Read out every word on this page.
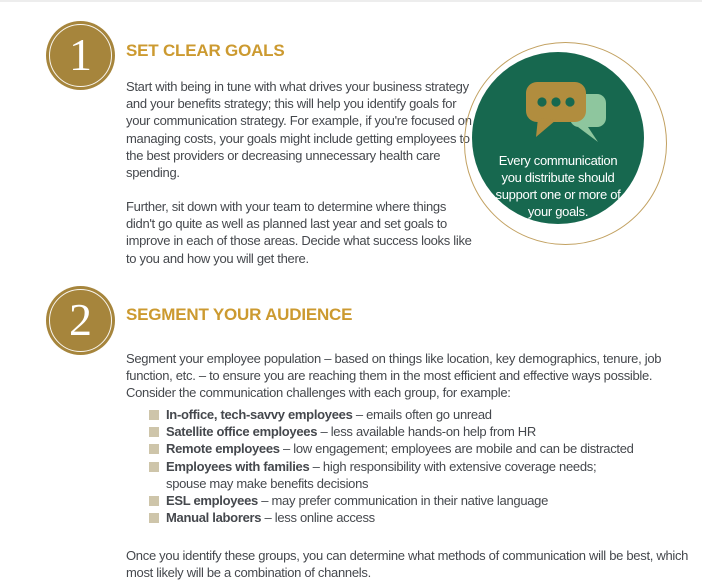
1	SET CLEAR GOALS
Start with being in tune with what drives your business strategy and your benefits strategy; this will help you identify goals for your communication strategy. For example, if you're focused on managing costs, your goals might include getting employees to the best providers or decreasing unnecessary health care spending.
Further, sit down with your team to determine where things didn't go quite as well as planned last year and set goals to improve in each of those areas. Decide what success looks like to you and how you will get there.
Every communication you distribute should support one or more of your goals.
2	SEGMENT YOUR AUDIENCE
Segment your employee population – based on things like location, key demographics, tenure, job function, etc. – to ensure you are reaching them in the most efficient and effective ways possible. Consider the communication challenges with each group, for example:
In-office, tech-savvy employees – emails often go unread
Satellite office employees – less available hands-on help from HR
Remote employees – low engagement; employees are mobile and can be distracted
Employees with families – high responsibility with extensive coverage needs;
spouse may make benefits decisions
ESL employees – may prefer communication in their native language
Manual laborers – less online access
Once you identify these groups, you can determine what methods of communication will be best, which most likely will be a combination of channels.
